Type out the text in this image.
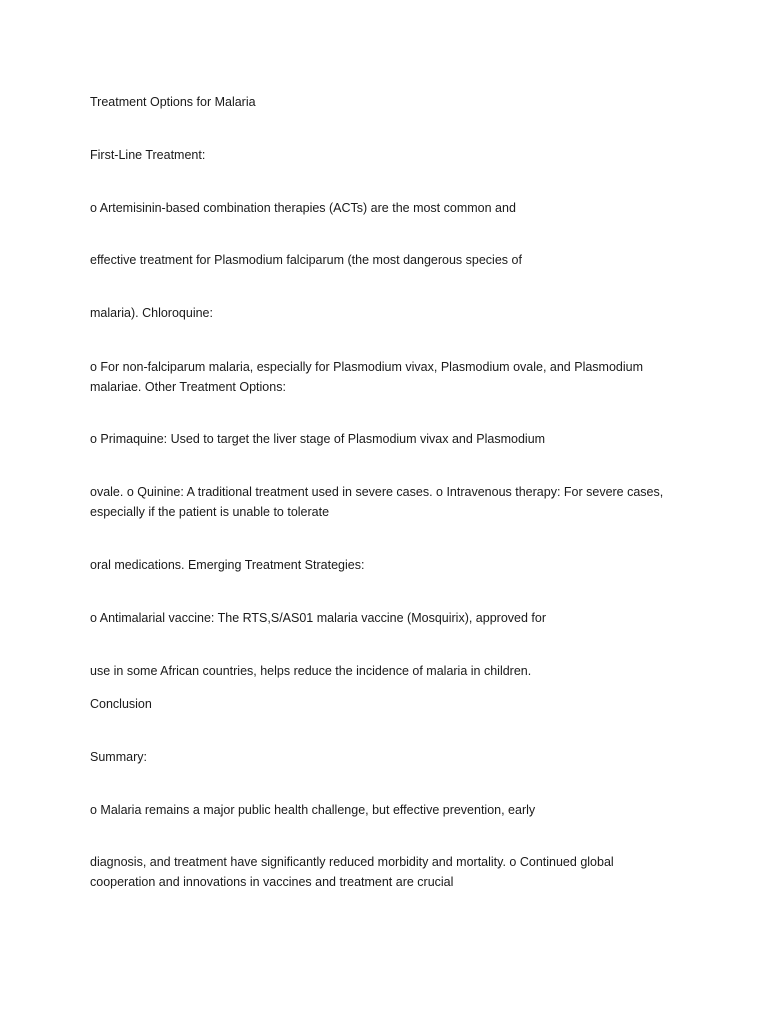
Treatment Options for Malaria
First-Line Treatment:
o Artemisinin-based combination therapies (ACTs) are the most common and
effective treatment for Plasmodium falciparum (the most dangerous species of
malaria). Chloroquine:
o For non-falciparum malaria, especially for Plasmodium vivax, Plasmodium ovale, and Plasmodium
malariae. Other Treatment Options:
o Primaquine: Used to target the liver stage of Plasmodium vivax and Plasmodium
ovale. o Quinine: A traditional treatment used in severe cases. o Intravenous therapy: For severe cases,
especially if the patient is unable to tolerate
oral medications. Emerging Treatment Strategies:
o Antimalarial vaccine: The RTS,S/AS01 malaria vaccine (Mosquirix), approved for
use in some African countries, helps reduce the incidence of malaria in children.
Conclusion
Summary:
o Malaria remains a major public health challenge, but effective prevention, early
diagnosis, and treatment have significantly reduced morbidity and mortality. o Continued global
cooperation and innovations in vaccines and treatment are crucial
